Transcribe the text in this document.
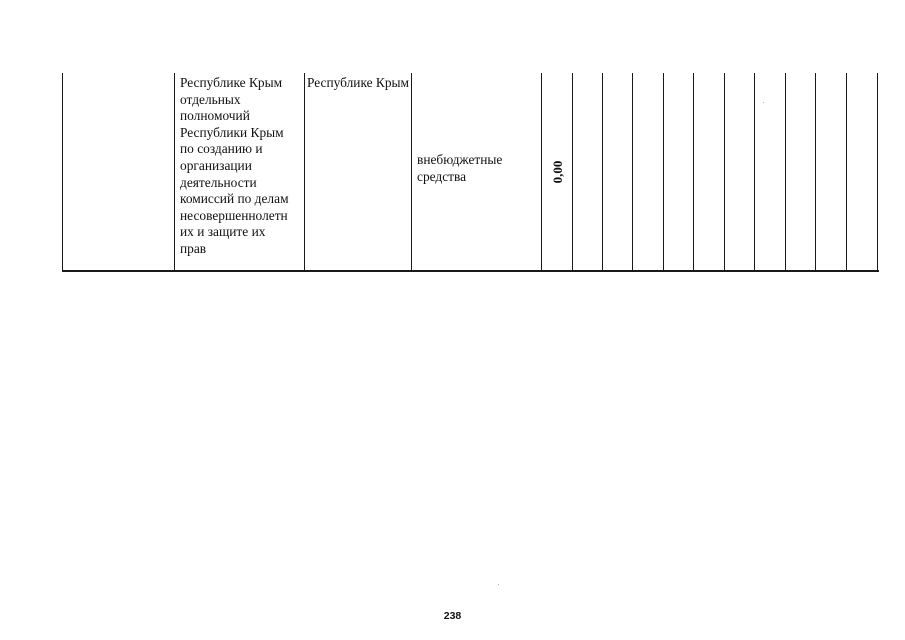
Республике Крым
отдельных
полномочий
Республики Крым
по созданию и
организации
деятельности
комиссий по делам
несовершеннолетн
их и защите их
прав
Республике Крым
внебюджетные средства	0,00
238
